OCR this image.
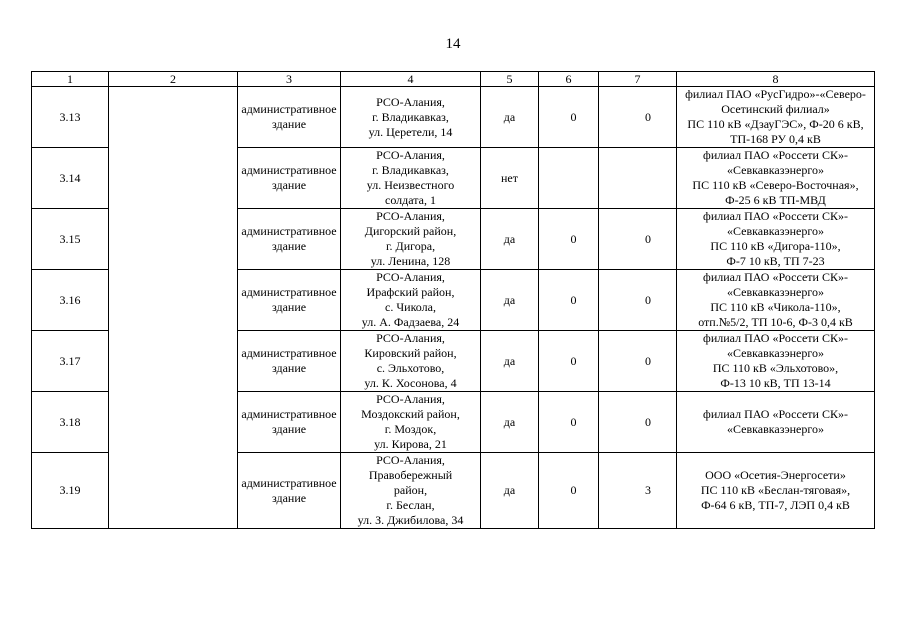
14
1	2	3	4	5	6	7	8
3.13		административное
здание	РСО-Алания,
г. Владикавказ,
ул. Церетели, 14	да	0	0	филиал ПАО «РусГидро»-«Северо-
Осетинский филиал»
ПС 110 кВ «ДзауГЭС», Ф-20 6 кВ,
ТП-168 РУ 0,4 кВ

3.14		административное
здание	РСО-Алания,
г. Владикавказ,
ул. Неизвестного
солдата, 1	нет			филиал ПАО «Россети СК»-
«Севкавказэнерго»
ПС 110 кВ «Северо-Восточная»,
Ф-25 6 кВ ТП-МВД

3.15		административное
здание	РСО-Алания,
Дигорский район,
г. Дигора,
ул. Ленина, 128	да	0	0	филиал ПАО «Россети СК»-
«Севкавказэнерго»
ПС 110 кВ «Дигора-110»,
Ф-7 10 кВ, ТП 7-23

3.16		административное
здание	РСО-Алания,
Ирафский район,
с. Чикола,
ул. А. Фадзаева, 24	да	0	0	филиал ПАО «Россети СК»-
«Севкавказэнерго»
ПС 110 кВ «Чикола-110»,
отп.№5/2, ТП 10-6, Ф-3 0,4 кВ

3.17		административное
здание	РСО-Алания,
Кировский район,
с. Эльхотово,
ул. К. Хосонова, 4	да	0	0	филиал ПАО «Россети СК»-
«Севкавказэнерго»
ПС 110 кВ «Эльхотово»,
Ф-13 10 кВ, ТП 13-14

3.18		административное
здание	РСО-Алания,
Моздокский район,
г. Моздок,
ул. Кирова, 21	да	0	0	филиал ПАО «Россети СК»-
«Севкавказэнерго»

3.19		административное
здание	РСО-Алания,
Правобережный
район,
г. Беслан,
ул. З. Джибилова, 34	да	0	3	ООО «Осетия-Энергосети»
ПС 110 кВ «Беслан-тяговая»,
Ф-64 6 кВ, ТП-7, ЛЭП 0,4 кВ
